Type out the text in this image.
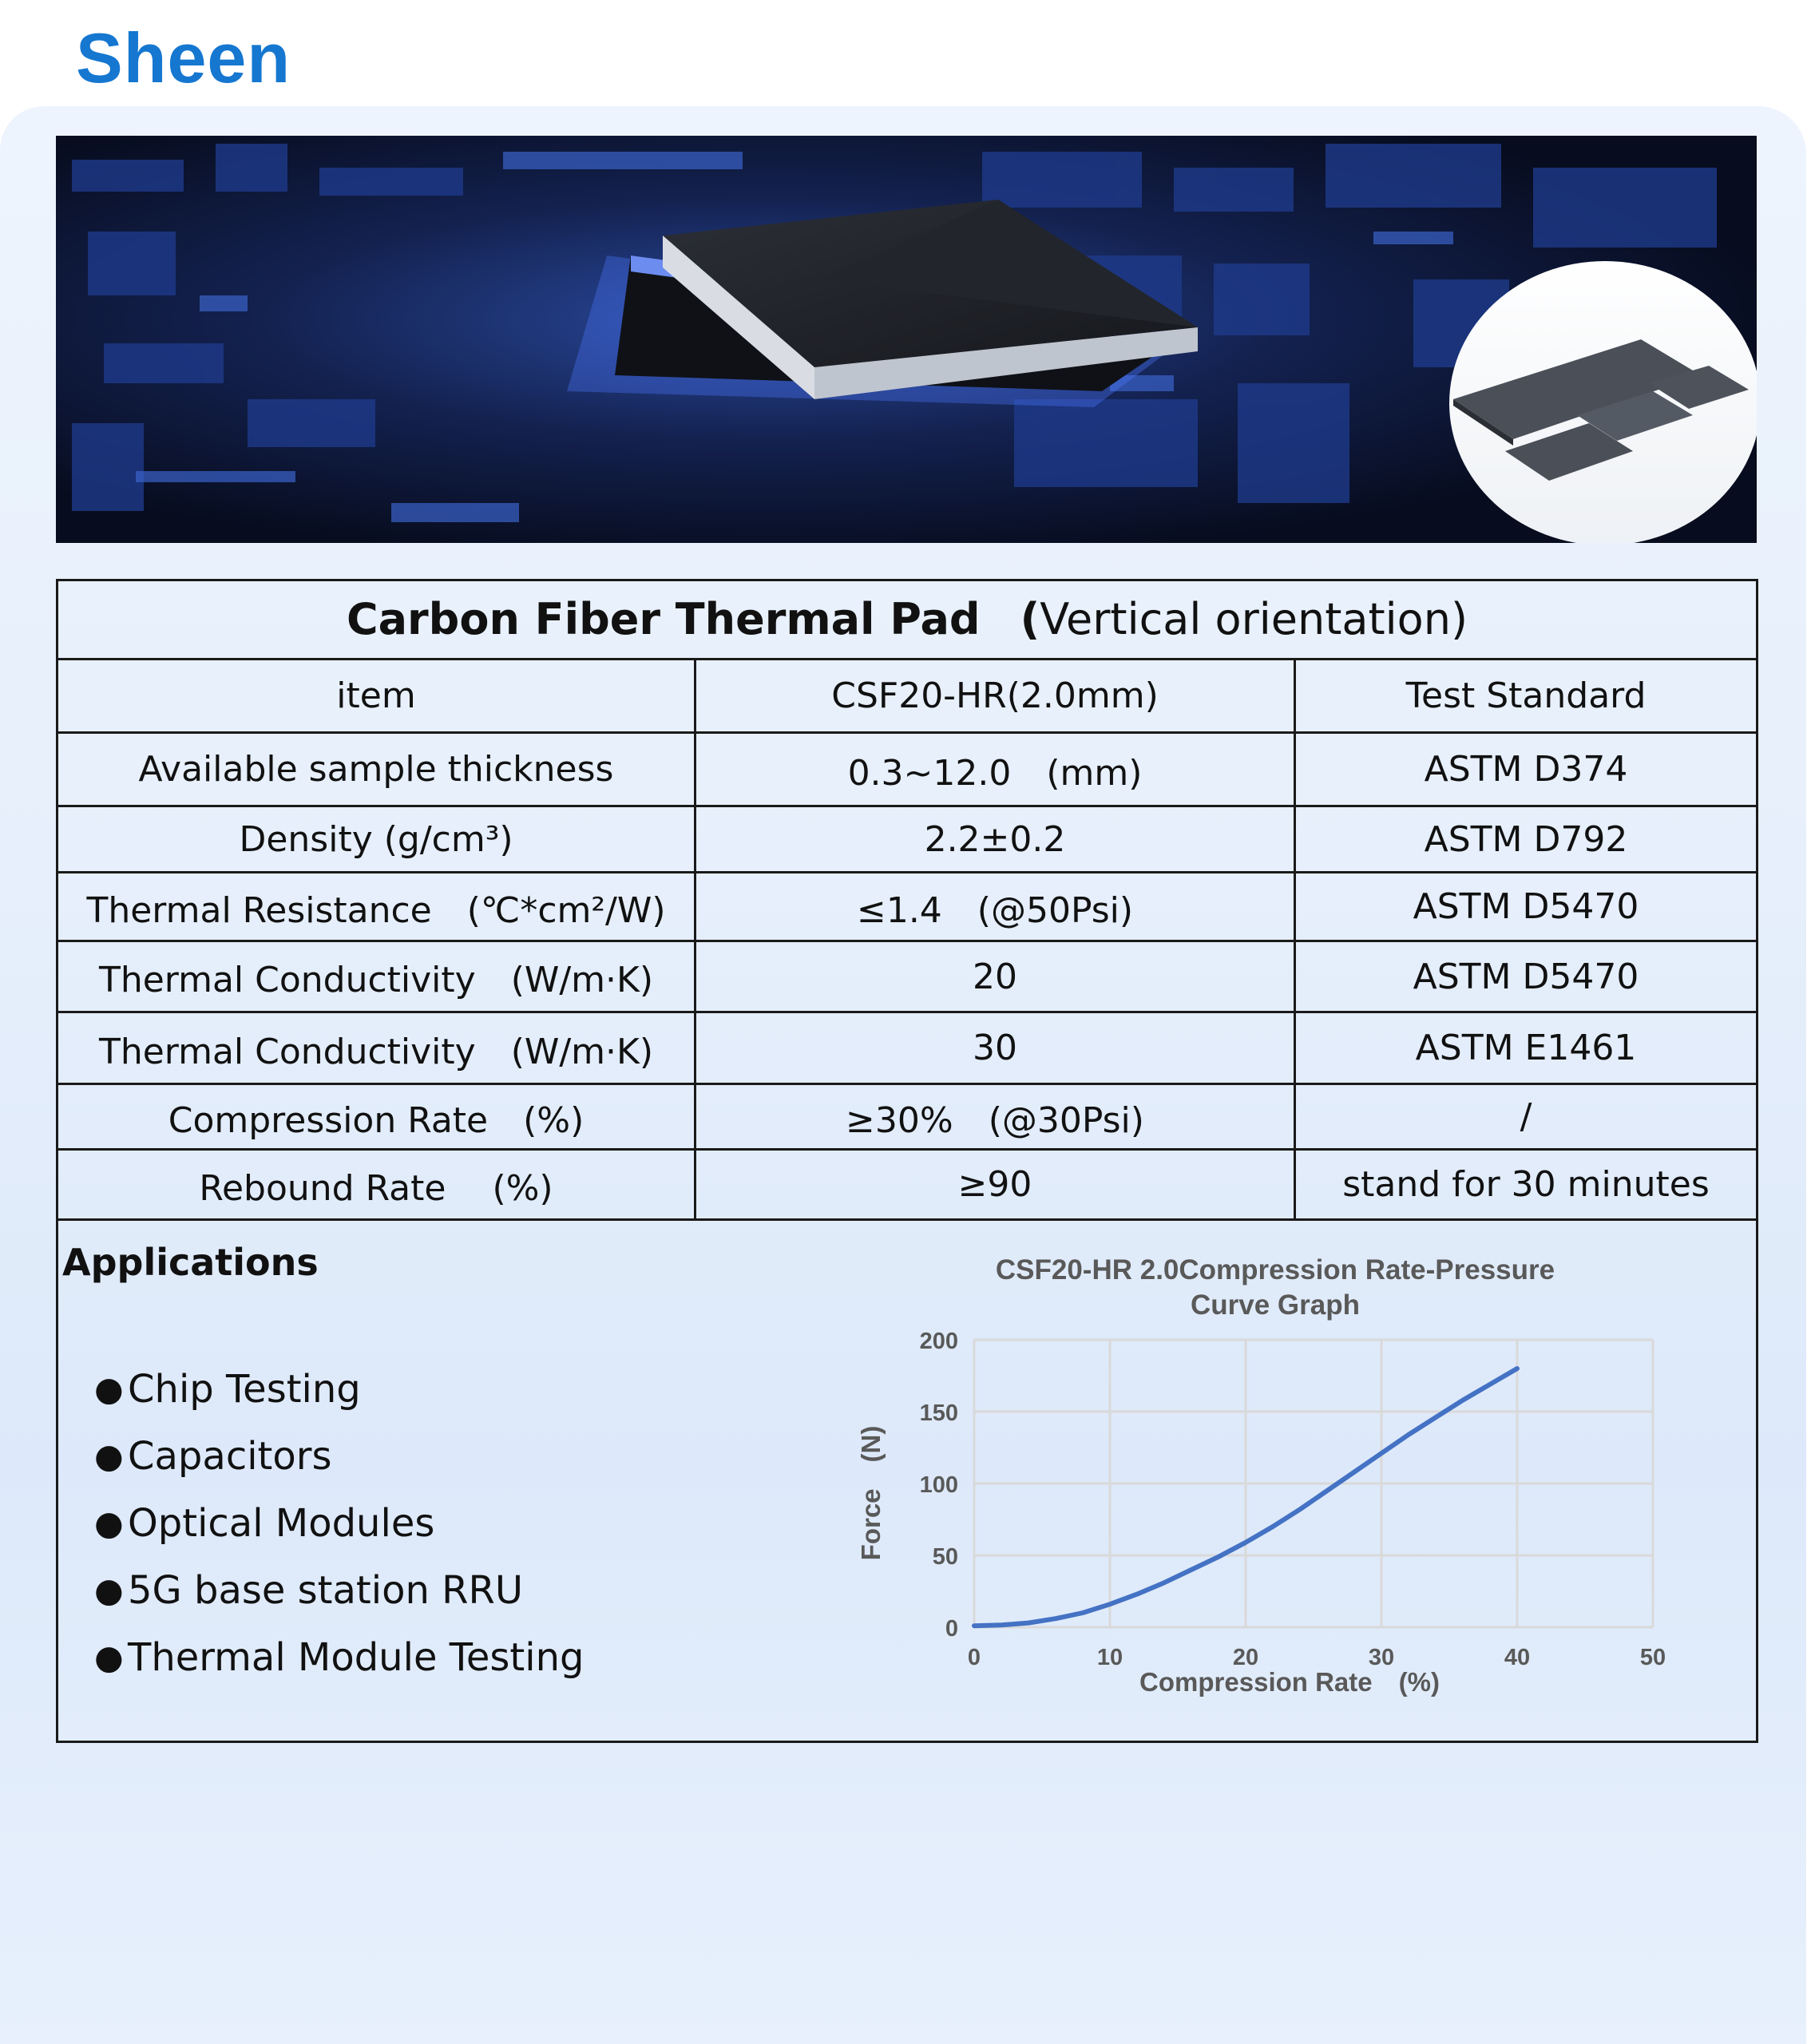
Sheen
Carbon Fiber Thermal Pad (Vertical orientation)
item	CSF20-HR(2.0mm)	Test Standard
Available sample thickness	0.3~12.0　(mm)	ASTM D374
Density (g/cm³)	2.2±0.2	ASTM D792
Thermal Resistance　(℃*cm²/W)	≤1.4　(@50Psi)	ASTM D5470
Thermal Conductivity　(W/m·K)	20	ASTM D5470
Thermal Conductivity　(W/m·K)	30	ASTM E1461
Compression Rate　(%)	≥30%　(@30Psi)	/
Rebound Rate　 (%)	≥90	stand for 30 minutes
Applications
● Chip Testing
● Capacitors
● Optical Modules
● 5G base station RRU
● Thermal Module Testing
CSF20-HR 2.0Compression Rate-Pressure
Curve Graph
0
50
100
150
200
0	10	20	30	40	50
Compression Rate　(%)
Force　(N)
